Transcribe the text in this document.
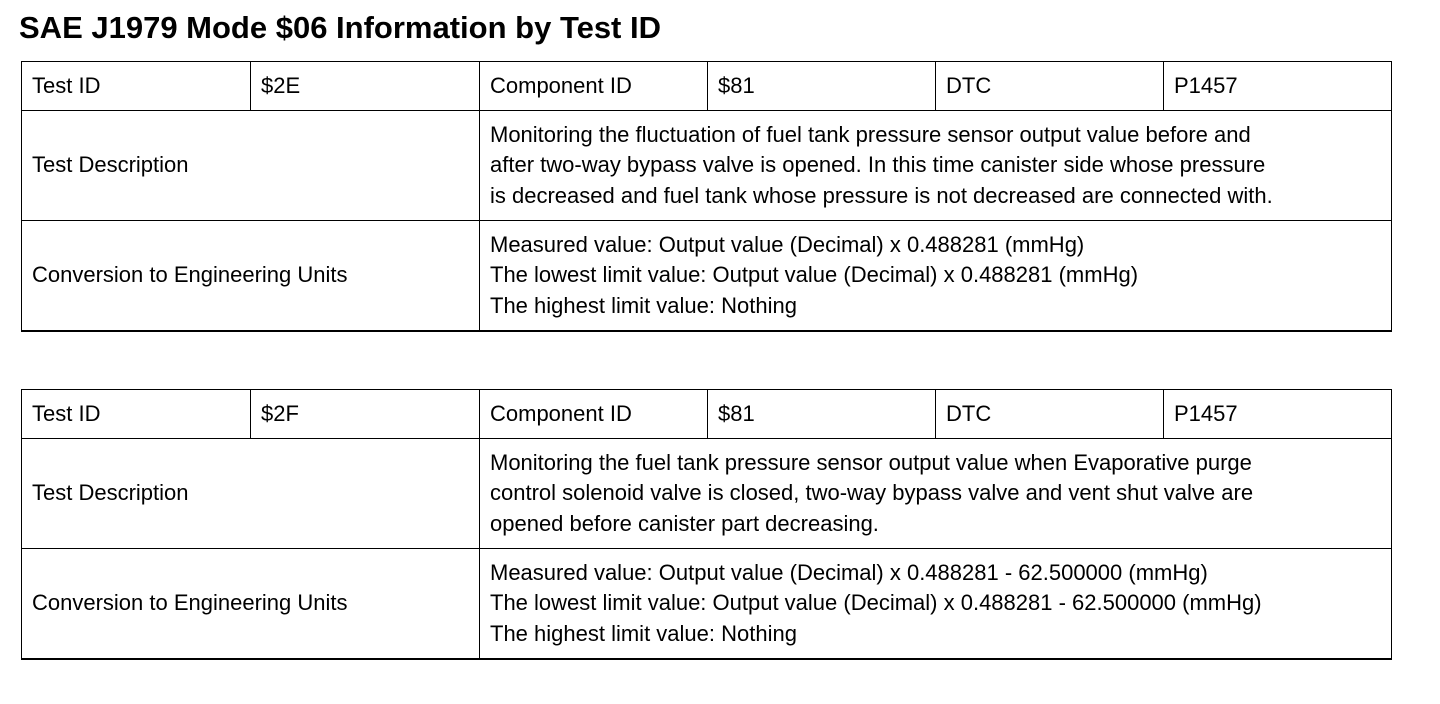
SAE J1979 Mode $06 Information by Test ID
Test ID	$2E	Component ID	$81	DTC	P1457
Test Description		Monitoring the fluctuation of fuel tank pressure sensor output value before and
after two-way bypass valve is opened. In this time canister side whose pressure
is decreased and fuel tank whose pressure is not decreased are connected with.			

Conversion to Engineering Units		Measured value: Output value (Decimal) x 0.488281 (mmHg)
The lowest limit value: Output value (Decimal) x 0.488281 (mmHg)
The highest limit value: Nothing			
Test ID	$2F	Component ID	$81	DTC	P1457
Test Description		Monitoring the fuel tank pressure sensor output value when Evaporative purge
control solenoid valve is closed, two-way bypass valve and vent shut valve are
opened before canister part decreasing.			

Conversion to Engineering Units		Measured value: Output value (Decimal) x 0.488281 - 62.500000 (mmHg)
The lowest limit value: Output value (Decimal) x 0.488281 - 62.500000 (mmHg)
The highest limit value: Nothing			
